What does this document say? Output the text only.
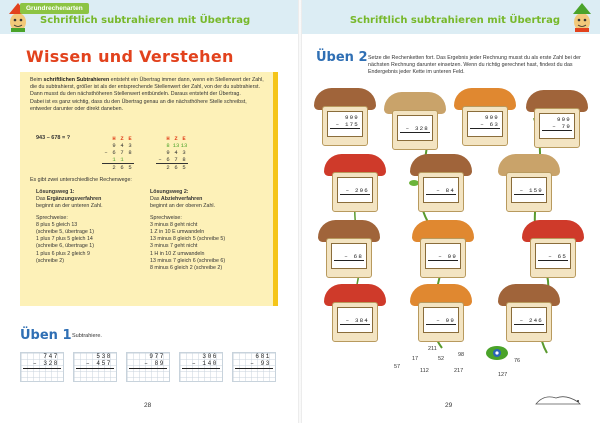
Grundrechenarten
Schriftlich subtrahieren mit Übertrag
Wissen und Verstehen
Beim schriftlichen Subtrahieren entsteht ein Übertrag immer dann, wenn ein Stellenwert der Zahl, die du subtrahierst, größer ist als der entsprechende Stellenwert der Zahl, von der du subtrahierst. Dann musst du den nächsthöheren Stellenwert entbündeln. Daraus entsteht der Übertrag.
Dabei ist es ganz wichtig, dass du den Übertrag genau an die nächsthöhere Stelle schreibst, entweder darunter oder direkt daneben.
943 – 678 = ?	H Z E
9 4 3
– 6 7 8
1 1
2 6 5
H Z E
8 13 13
9 4 3
– 6 7 8
2 6 5
Es gibt zwei unterschiedliche Rechenwege:

Lösungsweg 1:

Das Ergänzungsverfahren

beginnt an der unteren Zahl.

Sprechweise:

8 plus 5 gleich 13

(schreibe 5, übertrage 1)

1 plus 7 plus 5 gleich 14

(schreibe 6, übertrage 1)

1 plus 6 plus 2 gleich 9

(schreibe 2)

Lösungsweg 2:

Das Abziehverfahren

beginnt an der oberen Zahl.

Sprechweise:

3 minus 8 geht nicht

1 Z in 10 E umwandeln

13 minus 8 gleich 5 (schreibe 5)

3 minus 7 geht nicht

1 H in 10 Z umwandeln

13 minus 7 gleich 6 (schreibe 6)

8 minus 6 gleich 2 (schreibe 2)

Üben 1 Subtrahiere.
747
– 328
538
– 457
977
– 89
306
– 140
681
– 93
28
Schriftlich subtrahieren mit Übertrag
Üben 2 Setze die Rechenketten fort. Das Ergebnis jeder Rechnung musst du als erste Zahl bei der nächsten Rechnung darunter einsetzen. Wenn du richtig gerechnet hast, findest du das Endergebnis jeder Kette im unteren Feld.
999
– 175
– 328
999
– 63
999
– 79
– 296	– 84	– 159
– 68	– 99	– 65
– 384	– 99	– 246
211
17	52
98
57
112	217
76
127
29
